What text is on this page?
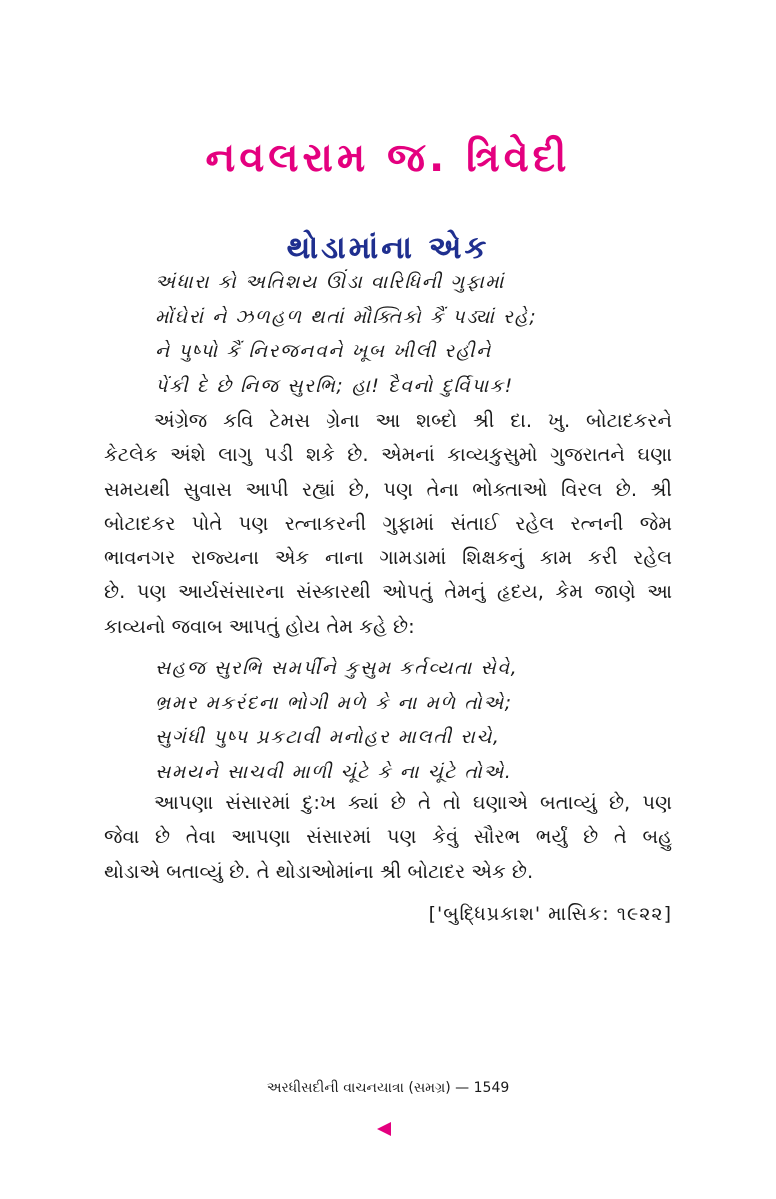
નવલરામ જ. ત્રિવેદી
થોડામાંના એક
અંધારા કો અતિશય ઊંડા વારિધિની ગુફામાં
મોંઘેરાં ને ઝળહળ થતાં મૌક્તિકો કૈં પડ્યાં રહે;
ને પુષ્પો કૈં નિરજનવને ખૂબ ખીલી રહીને
પેંકી દે છે નિજ સુરભિ; હા! દૈવનો દુર્વિપાક!
અંગ્રેજ કવિ ટેમસ ગ્રેના આ શબ્દો શ્રી દા. ખુ. બોટાદકરને
કેટલેક અંશે લાગુ પડી શકે છે. એમનાં કાવ્યકુસુમો ગુજરાતને ઘણા
સમયથી સુવાસ આપી રહ્યાં છે, પણ તેના ભોક્તાઓ વિરલ છે. શ્રી
બોટાદકર પોતે પણ રત્નાકરની ગુફામાં સંતાઈ રહેલ રત્નની જેમ
ભાવનગર રાજ્યના એક નાના ગામડામાં શિક્ષકનું કામ કરી રહેલ
છે. પણ આર્યસંસારના સંસ્કારથી ઓપતું તેમનું હૃદય, કેમ જાણે આ
કાવ્યનો જવાબ આપતું હોય તેમ કહે છે:
સહજ સુરભિ સમર્પીને કુસુમ કર્તવ્યતા સેવે,
ભ્રમર મકરંદના ભોગી મળે કે ના મળે તોએ;
સુગંધી પુષ્પ પ્રકટાવી મનોહર માલતી રાચે,
સમયને સાચવી માળી ચૂંટે કે ના ચૂંટે તોએ.
આપણા સંસારમાં દુ:ખ ક્યાં છે તે તો ઘણાએ બતાવ્યું છે, પણ
જેવા છે તેવા આપણા સંસારમાં પણ કેવું સૌરભ ભર્યું છે તે બહુ
થોડાએ બતાવ્યું છે. તે થોડાઓમાંના શ્રી બોટાદર એક છે.
['બુદ્ધિપ્રકાશ' માસિક: ૧૯૨૨]
અરધીસદીની વાચનયાત્રા (સમગ્ર) — 1549
